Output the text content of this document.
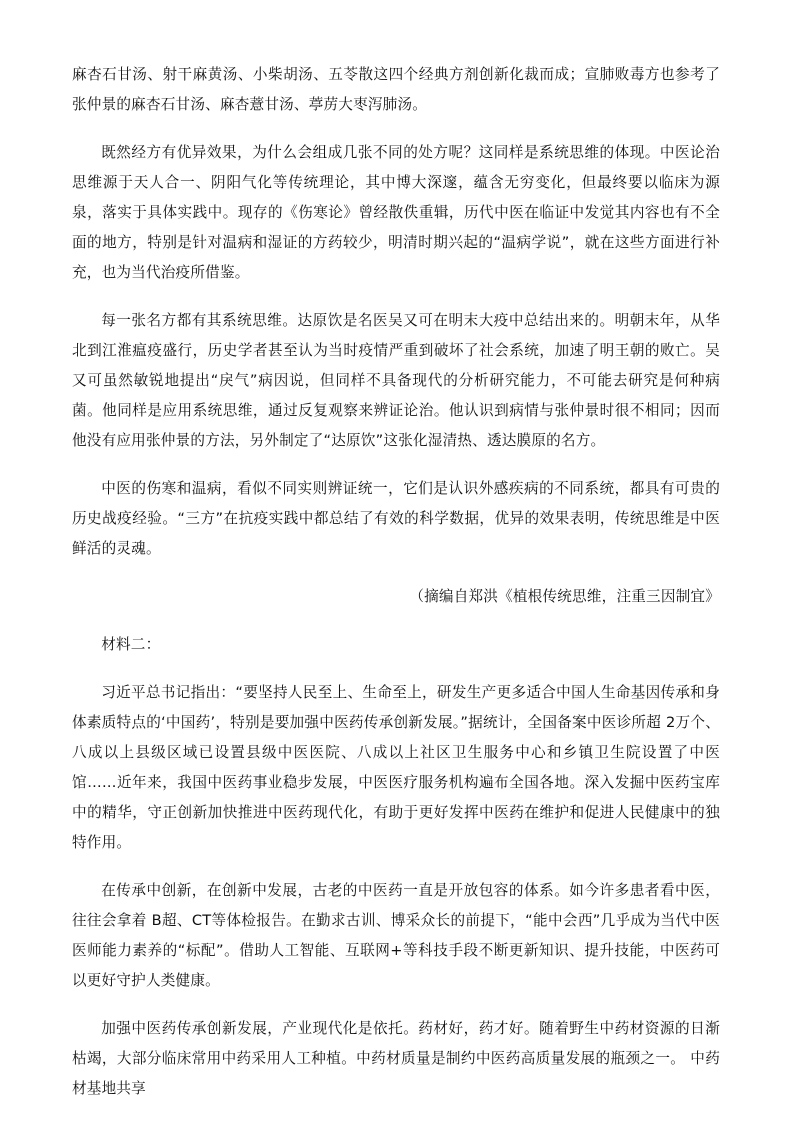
麻杏石甘汤、射干麻黄汤、小柴胡汤、五苓散这四个经典方剂创新化裁而成；宣肺败毒方也参考了张仲景的麻杏石甘汤、麻杏薏甘汤、葶苈大枣泻肺汤。

既然经方有优异效果，为什么会组成几张不同的处方呢？这同样是系统思维的体现。中医论治思维源于天人合一、阴阳气化等传统理论，其中博大深邃，蕴含无穷变化，但最终要以临床为源泉，落实于具体实践中。现存的《伤寒论》曾经散佚重辑，历代中医在临证中发觉其内容也有不全面的地方，特别是针对温病和湿证的方药较少，明清时期兴起的“温病学说”，就在这些方面进行补充，也为当代治疫所借鉴。

每一张名方都有其系统思维。达原饮是名医吴又可在明末大疫中总结出来的。明朝末年，从华北到江淮瘟疫盛行，历史学者甚至认为当时疫情严重到破坏了社会系统，加速了明王朝的败亡。吴又可虽然敏锐地提出“戾气”病因说，但同样不具备现代的分析研究能力，不可能去研究是何种病菌。他同样是应用系统思维，通过反复观察来辨证论治。他认识到病情与张仲景时很不相同；因而他没有应用张仲景的方法，另外制定了“达原饮”这张化湿清热、透达膜原的名方。

中医的伤寒和温病，看似不同实则辨证统一，它们是认识外感疾病的不同系统，都具有可贵的历史战疫经验。“三方”在抗疫实践中都总结了有效的科学数据，优异的效果表明，传统思维是中医鲜活的灵魂。

（摘编自郑洪《植根传统思维，注重三因制宜》

材料二：

习近平总书记指出：“要坚持人民至上、生命至上，研发生产更多适合中国人生命基因传承和身体素质特点的‘中国药’，特别是要加强中医药传承创新发展。”据统计，全国备案中医诊所超 2万个、八成以上县级区域已设置县级中医医院、八成以上社区卫生服务中心和乡镇卫生院设置了中医馆……近年来，我国中医药事业稳步发展，中医医疗服务机构遍布全国各地。深入发掘中医药宝库中的精华，守正创新加快推进中医药现代化，有助于更好发挥中医药在维护和促进人民健康中的独特作用。

在传承中创新，在创新中发展，古老的中医药一直是开放包容的体系。如今许多患者看中医，往往会拿着 B超、CT等体检报告。在勤求古训、博采众长的前提下，“能中会西”几乎成为当代中医医师能力素养的“标配”。借助人工智能、互联网+等科技手段不断更新知识、提升技能，中医药可以更好守护人类健康。

加强中医药传承创新发展，产业现代化是依托。药材好，药才好。随着野生中药材资源的日渐枯竭，大部分临床常用中药采用人工种植。中药材质量是制约中医药高质量发展的瓶颈之一。 中药材基地共享
